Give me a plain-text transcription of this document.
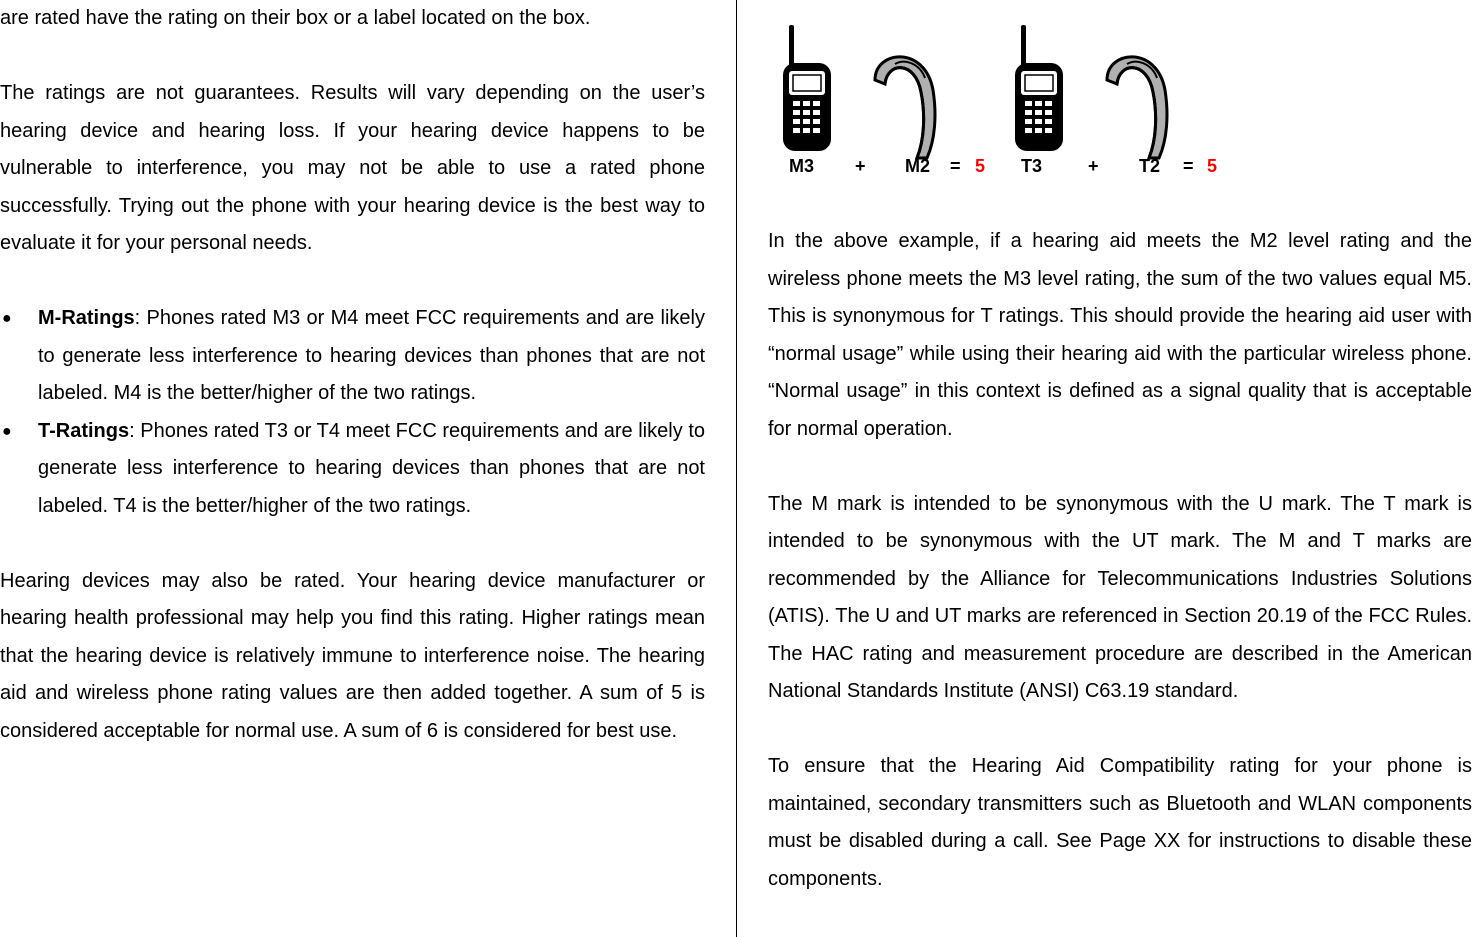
are rated have the rating on their box or a label located on the box.

The ratings are not guarantees. Results will vary depending on the user’s hearing device and hearing loss. If your hearing device happens to be vulnerable to interference, you may not be able to use a rated phone successfully. Trying out the phone with your hearing device is the best way to evaluate it for your personal needs.

● M-Ratings: Phones rated M3 or M4 meet FCC requirements and are likely to generate less interference to hearing devices than phones that are not labeled. M4 is the better/higher of the two ratings.
● T-Ratings: Phones rated T3 or T4 meet FCC requirements and are likely to generate less interference to hearing devices than phones that are not labeled. T4 is the better/higher of the two ratings.

Hearing devices may also be rated. Your hearing device manufacturer or hearing health professional may help you find this rating. Higher ratings mean that the hearing device is relatively immune to interference noise. The hearing aid and wireless phone rating values are then added together. A sum of 5 is considered acceptable for normal use. A sum of 6 is considered for best use.

M3 + M2 = 5 T3	+ T2 = 5

In the above example, if a hearing aid meets the M2 level rating and the wireless phone meets the M3 level rating, the sum of the two values equal M5. This is synonymous for T ratings. This should provide the hearing aid user with “normal usage” while using their hearing aid with the particular wireless phone. “Normal usage” in this context is defined as a signal quality that is acceptable for normal operation.

The M mark is intended to be synonymous with the U mark. The T mark is intended to be synonymous with the UT mark. The M and T marks are recommended by the Alliance for Telecommunications Industries Solutions (ATIS). The U and UT marks are referenced in Section 20.19 of the FCC Rules. The HAC rating and measurement procedure are described in the American National Standards Institute (ANSI) C63.19 standard.

To ensure that the Hearing Aid Compatibility rating for your phone is maintained, secondary transmitters such as Bluetooth and WLAN components must be disabled during a call. See Page XX for instructions to disable these components.
